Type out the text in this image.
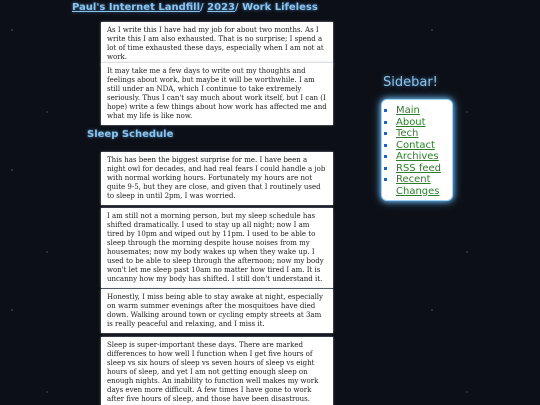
Paul's Internet Landfill/ 2023/ Work Lifeless
As I write this I have had my job for about two months. As I write this I am also exhausted. That is no surprise; I spend a lot of time exhausted these days, especially when I am not at work.
It may take me a few days to write out my thoughts and feelings about work, but maybe it will be worthwhile. I am still under an NDA, which I continue to take extremely seriously. Thus I can't say much about work itself, but I can (I hope) write a few things about how work has affected me and what my life is like now.
Sleep Schedule
This has been the biggest surprise for me. I have been a night owl for decades, and had real fears I could handle a job with normal working hours. Fortunately my hours are not quite 9-5, but they are close, and given that I routinely used to sleep in until 2pm, I was worried.
I am still not a morning person, but my sleep schedule has shifted dramatically. I used to stay up all night; now I am tired by 10pm and wiped out by 11pm. I used to be able to sleep through the morning despite house noises from my housemates; now my body wakes up when they wake up. I used to be able to sleep through the afternoon; now my body won't let me sleep past 10am no matter how tired I am. It is uncanny how my body has shifted. I still don't understand it.
Honestly, I miss being able to stay awake at night, especially on warm summer evenings after the mosquitoes have died down. Walking around town or cycling empty streets at 3am is really peaceful and relaxing, and I miss it.
Sleep is super-important these days. There are marked differences to how well I function when I get five hours of sleep vs six hours of sleep vs seven hours of sleep vs eight hours of sleep, and yet I am not getting enough sleep on enough nights. An inability to function well makes my work days even more difficult. A few times I have gone to work after five hours of sleep, and those have been disastrous.
Sidebar!
▪ Main
▪ About
▪ Tech
▪ Contact
▪ Archives
▪ RSS feed
▪ Recent Changes
